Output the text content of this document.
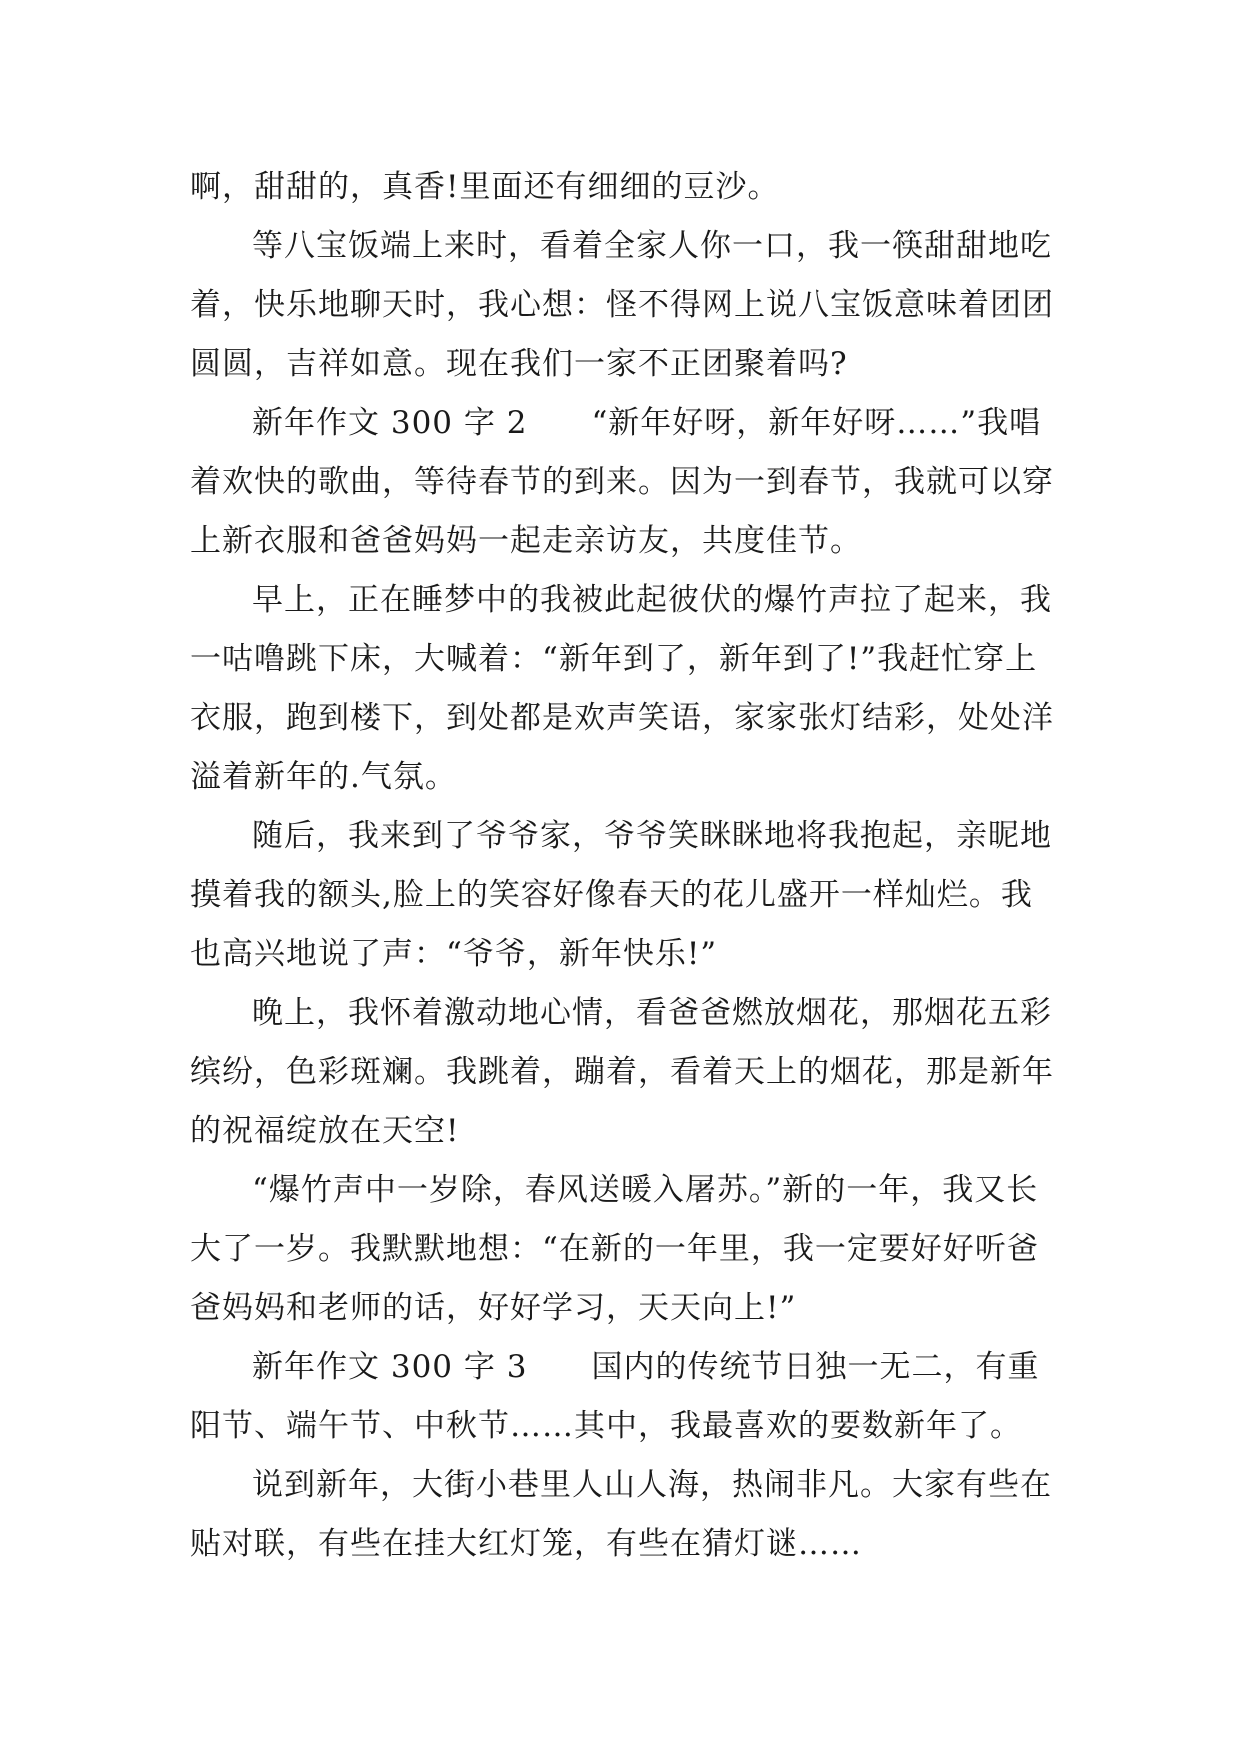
啊，甜甜的，真香!里面还有细细的豆沙。

等八宝饭端上来时，看着全家人你一口，我一筷甜甜地吃着，快乐地聊天时，我心想：怪不得网上说八宝饭意味着团团圆圆，吉祥如意。现在我们一家不正团聚着吗?

新年作文 300 字 2　　“新年好呀，新年好呀……”我唱着欢快的歌曲，等待春节的到来。因为一到春节，我就可以穿上新衣服和爸爸妈妈一起走亲访友，共度佳节。

早上，正在睡梦中的我被此起彼伏的爆竹声拉了起来，我一咕噜跳下床，大喊着：“新年到了，新年到了!”我赶忙穿上衣服，跑到楼下，到处都是欢声笑语，家家张灯结彩，处处洋溢着新年的.气氛。

随后，我来到了爷爷家，爷爷笑眯眯地将我抱起，亲昵地摸着我的额头,脸上的笑容好像春天的花儿盛开一样灿烂。我也高兴地说了声：“爷爷，新年快乐!”

晚上，我怀着激动地心情，看爸爸燃放烟花，那烟花五彩缤纷，色彩斑斓。我跳着，蹦着，看着天上的烟花，那是新年的祝福绽放在天空!

“爆竹声中一岁除，春风送暖入屠苏。”新的一年，我又长大了一岁。我默默地想：“在新的一年里，我一定要好好听爸爸妈妈和老师的话，好好学习，天天向上!”

新年作文 300 字 3　　国内的传统节日独一无二，有重阳节、端午节、中秋节……其中，我最喜欢的要数新年了。

说到新年，大街小巷里人山人海，热闹非凡。大家有些在贴对联，有些在挂大红灯笼，有些在猜灯谜……
